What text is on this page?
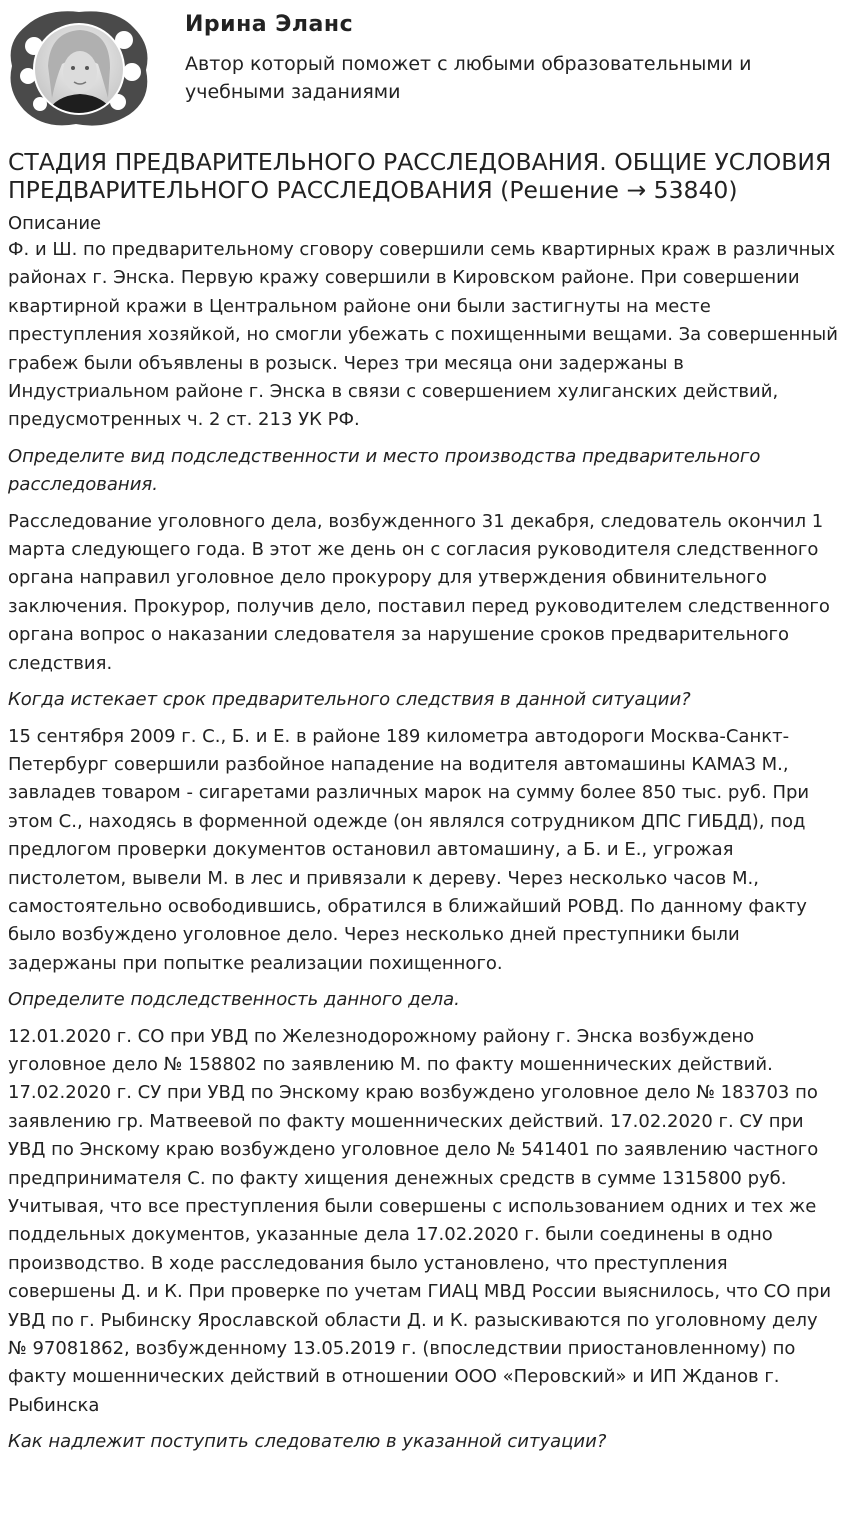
Ирина Эланс
Автор который поможет с любыми образовательными и учебными заданиями
СТАДИЯ ПРЕДВАРИТЕЛЬНОГО РАССЛЕДОВАНИЯ. ОБЩИЕ УСЛОВИЯ ПРЕДВАРИТЕЛЬНОГО РАССЛЕДОВАНИЯ (Решение → 53840)
Описание

Ф. и Ш. по предварительному сговору совершили семь квартирных краж в различных районах г. Энска. Первую кражу совершили в Кировском районе. При совершении квартирной кражи в Центральном районе они были застигнуты на месте преступления хозяйкой, но смогли убежать с похищенными вещами. За совершенный грабеж были объявлены в розыск. Через три месяца они задержаны в Индустриальном районе г. Энска в связи с совершением хулиганских действий, предусмотренных ч. 2 ст. 213 УК РФ.

Определите вид подследственности и место производства предварительного расследования.

Расследование уголовного дела, возбужденного 31 декабря, следователь окончил 1 марта следующего года. В этот же день он с согласия руководителя следственного органа направил уголовное дело прокурору для утверждения обвинительного заключения. Прокурор, получив дело, поставил перед руководителем следственного органа вопрос о наказании следователя за нарушение сроков предварительного следствия.

Когда истекает срок предварительного следствия в данной ситуации?

15 сентября 2009 г. С., Б. и Е. в районе 189 километра автодороги Москва-Санкт-Петербург совершили разбойное нападение на водителя автомашины КАМАЗ М., завладев товаром - сигаретами различных марок на сумму более 850 тыс. руб. При этом С., находясь в форменной одежде (он являлся сотрудником ДПС ГИБДД), под предлогом проверки документов остановил автомашину, а Б. и Е., угрожая пистолетом, вывели М. в лес и привязали к дереву. Через несколько часов М., самостоятельно освободившись, обратился в ближайший РОВД. По данному факту было возбуждено уголовное дело. Через несколько дней преступники были задержаны при попытке реализации похищенного.

Определите подследственность данного дела.

12.01.2020 г. СО при УВД по Железнодорожному району г. Энска возбуждено уголовное дело № 158802 по заявлению М. по факту мошеннических действий. 17.02.2020 г. СУ при УВД по Энскому краю возбуждено уголовное дело № 183703 по заявлению гр. Матвеевой по факту мошеннических действий. 17.02.2020 г. СУ при УВД по Энскому краю возбуждено уголовное дело № 541401 по заявлению частного предпринимателя С. по факту хищения денежных средств в сумме 1315800 руб. Учитывая, что все преступления были совершены с использованием одних и тех же поддельных документов, указанные дела 17.02.2020 г. были соединены в одно производство. В ходе расследования было установлено, что преступления совершены Д. и К. При проверке по учетам ГИАЦ МВД России выяснилось, что СО при УВД по г. Рыбинску Ярославской области Д. и К. разыскиваются по уголовному делу № 97081862, возбужденному 13.05.2019 г. (впоследствии приостановленному) по факту мошеннических действий в отношении ООО «Перовский» и ИП Жданов г. Рыбинска

Как надлежит поступить следователю в указанной ситуации?
